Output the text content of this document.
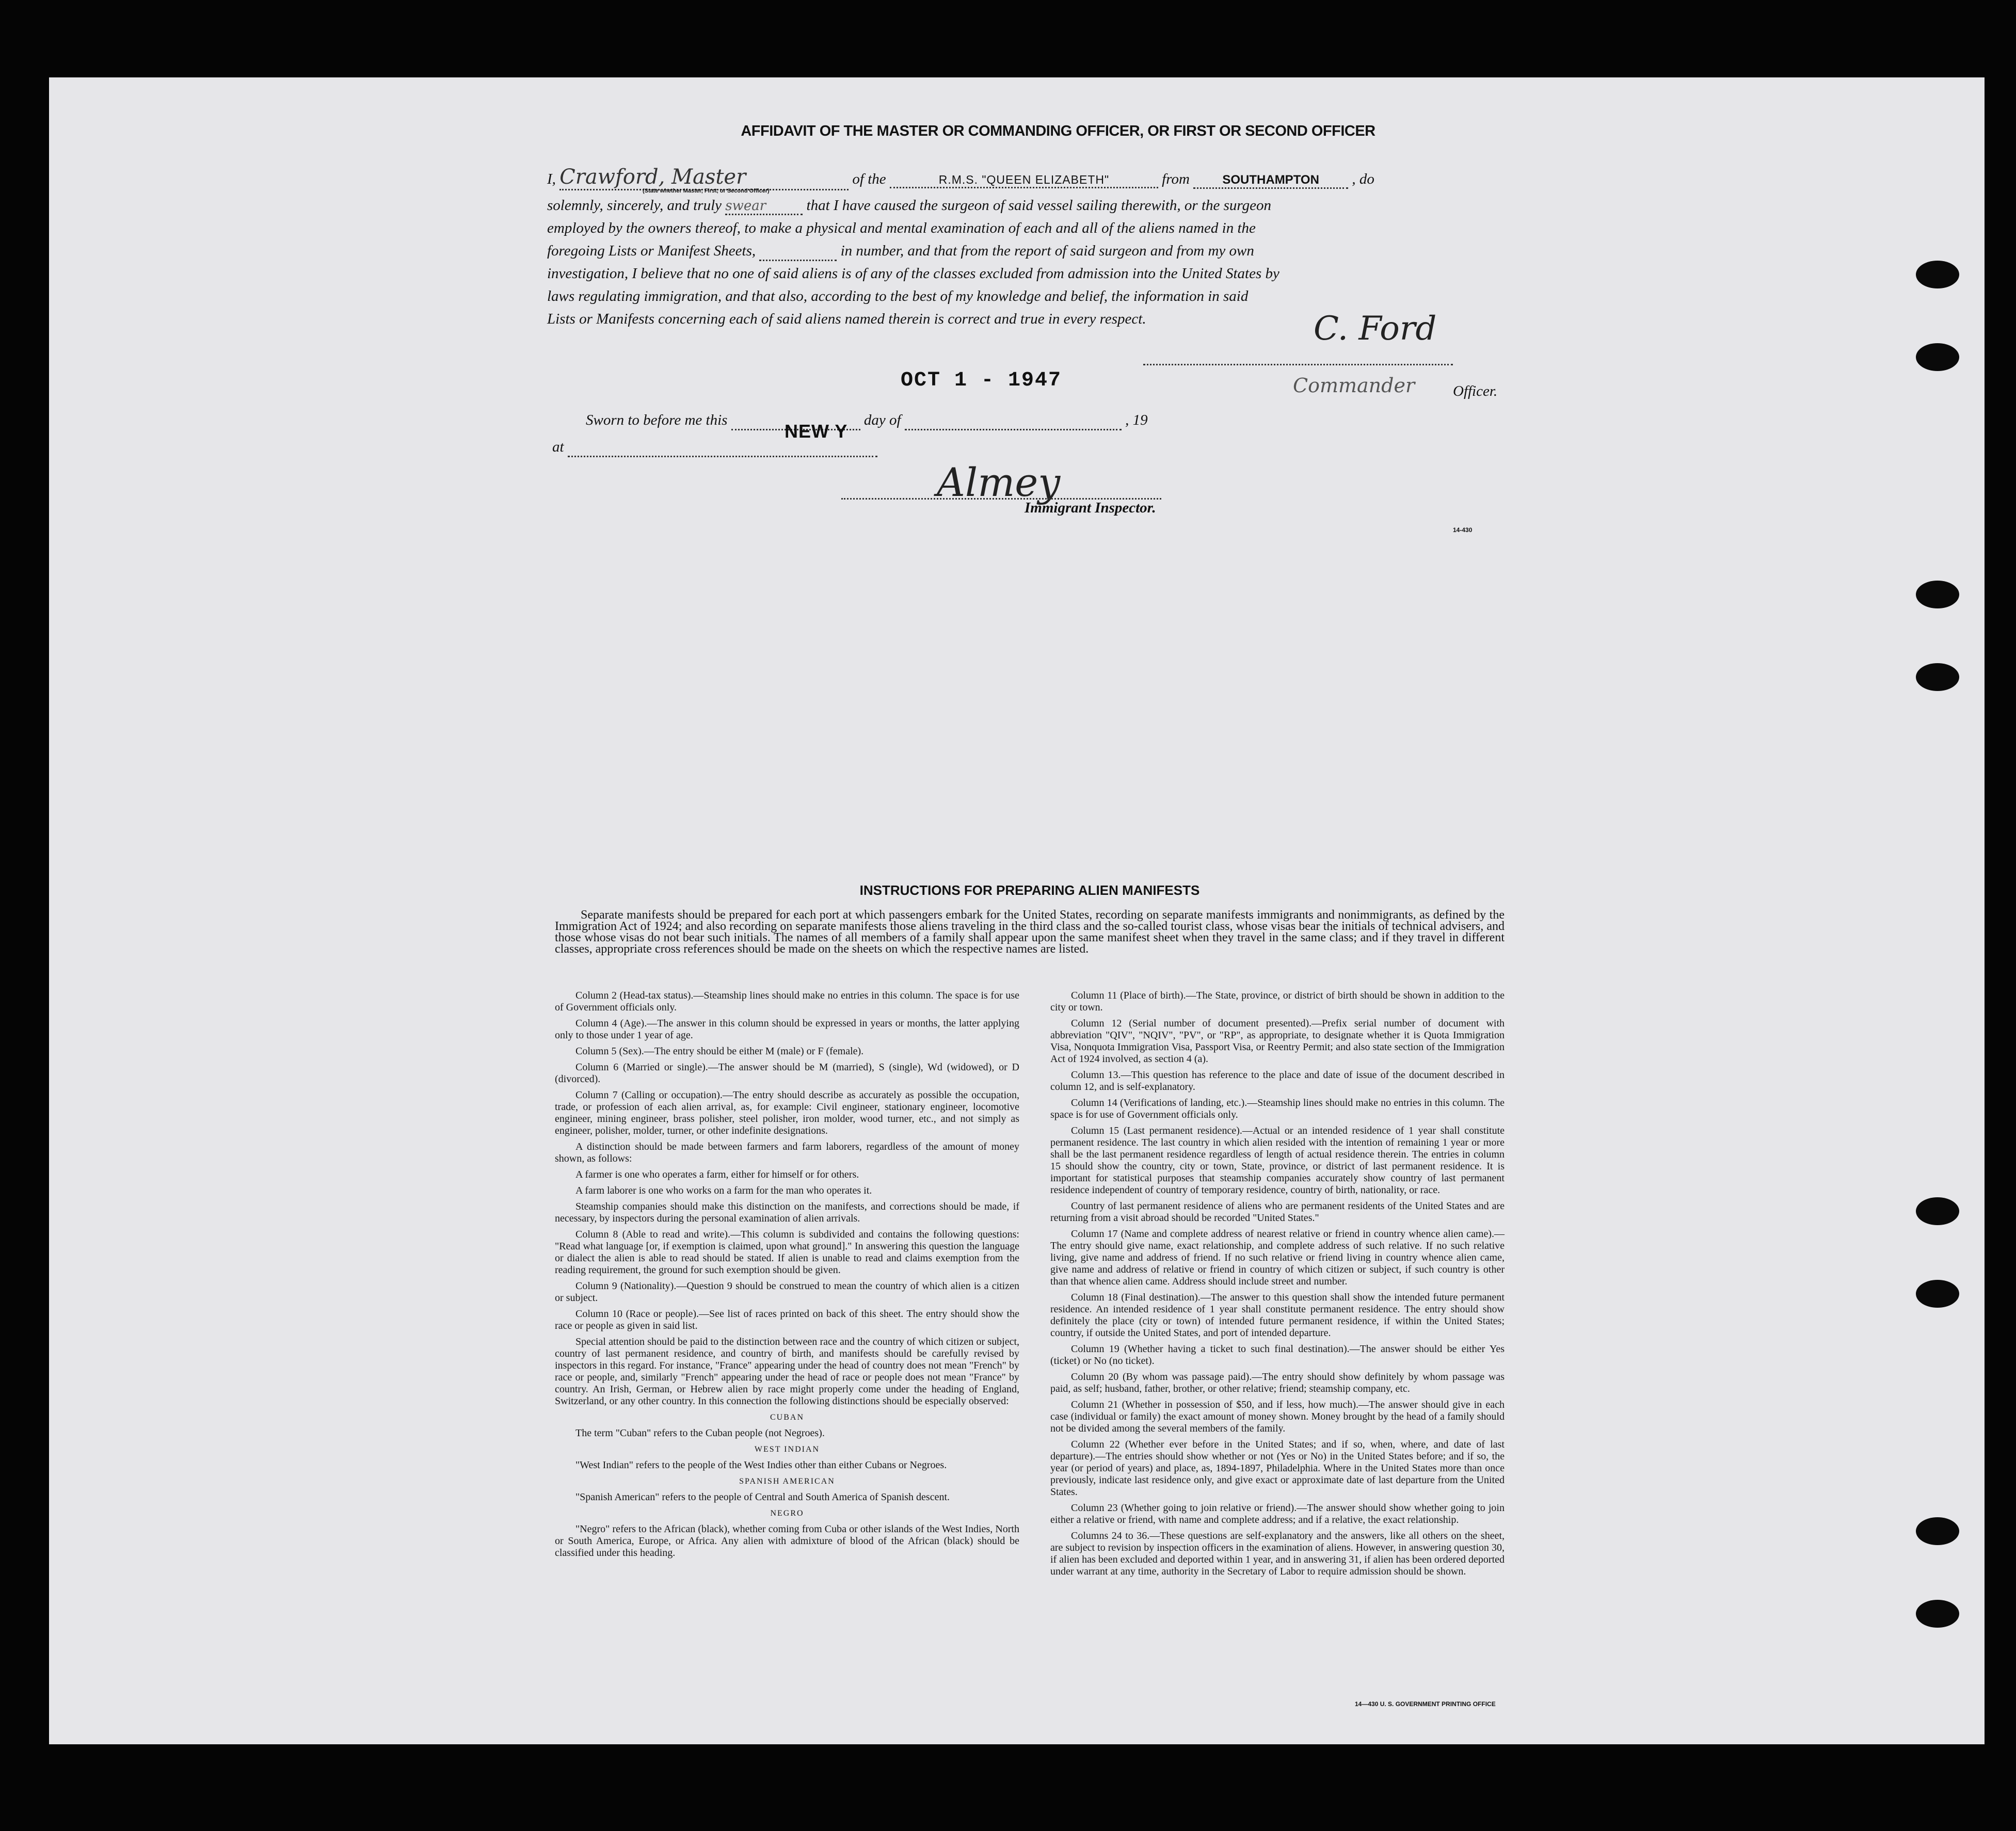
AFFIDAVIT OF THE MASTER OR COMMANDING OFFICER, OR FIRST OR SECOND OFFICER
I, Crawford, Master	of the	R.M.S. "QUEEN ELIZABETH"	from	SOUTHAMPTON , do
(State whether Master, First, or Second Officer)
solemnly, sincerely, and truly swear	that I have caused the surgeon of said vessel sailing therewith, or the surgeon
employed by the owners thereof, to make a physical and mental examination of each and all of the aliens named in the
foregoing Lists or Manifest Sheets,	in number, and that from the report of said surgeon and from my own
investigation, I believe that no one of said aliens is of any of the classes excluded from admission into the United States by
laws regulating immigration, and that also, according to the best of my knowledge and belief, the information in said
Lists or Manifests concerning each of said aliens named therein is correct and true in every respect.	C. Ford
OCT 1 - 1947	Commander	Officer.
Sworn to before me this	day of	, 19
NEW Y
at
Almey
Immigrant Inspector.
14-430
INSTRUCTIONS FOR PREPARING ALIEN MANIFESTS
Separate manifests should be prepared for each port at which passengers embark for the United States, recording on separate manifests immigrants and nonimmigrants, as defined by the Immigration Act of 1924; and also recording on separate manifests those aliens traveling in the third class and the so-called tourist class, whose visas bear the initials of technical advisers, and those whose visas do not bear such initials. The names of all members of a family shall appear upon the same manifest sheet when they travel in the same class; and if they travel in different classes, appropriate cross references should be made on the sheets on which the respective names are listed.

Column 2 (Head-tax status).—Steamship lines should make no entries in this column. The space is for use of Government officials only.

Column 4 (Age).—The answer in this column should be expressed in years or months, the latter applying only to those under 1 year of age.

Column 5 (Sex).—The entry should be either M (male) or F (female).

Column 6 (Married or single).—The answer should be M (married), S (single), Wd (widowed), or D (divorced).

Column 7 (Calling or occupation).—The entry should describe as accurately as possible the occupation, trade, or profession of each alien arrival, as, for example: Civil engineer, stationary engineer, locomotive engineer, mining engineer, brass polisher, steel polisher, iron molder, wood turner, etc., and not simply as engineer, polisher, molder, turner, or other indefinite designations.

A distinction should be made between farmers and farm laborers, regardless of the amount of money shown, as follows:

A farmer is one who operates a farm, either for himself or for others.

A farm laborer is one who works on a farm for the man who operates it.

Steamship companies should make this distinction on the manifests, and corrections should be made, if necessary, by inspectors during the personal examination of alien arrivals.

Column 8 (Able to read and write).—This column is subdivided and contains the following questions: "Read what language [or, if exemption is claimed, upon what ground]." In answering this question the language or dialect the alien is able to read should be stated. If alien is unable to read and claims exemption from the reading requirement, the ground for such exemption should be given.

Column 9 (Nationality).—Question 9 should be construed to mean the country of which alien is a citizen or subject.

Column 10 (Race or people).—See list of races printed on back of this sheet. The entry should show the race or people as given in said list.

Special attention should be paid to the distinction between race and the country of which citizen or subject, country of last permanent residence, and country of birth, and manifests should be carefully revised by inspectors in this regard. For instance, "France" appearing under the head of country does not mean "French" by race or people, and, similarly "French" appearing under the head of race or people does not mean "France" by country. An Irish, German, or Hebrew alien by race might properly come under the heading of England, Switzerland, or any other country. In this connection the following distinctions should be especially observed:

CUBAN

The term "Cuban" refers to the Cuban people (not Negroes).

WEST INDIAN

"West Indian" refers to the people of the West Indies other than either Cubans or Negroes.

SPANISH AMERICAN

"Spanish American" refers to the people of Central and South America of Spanish descent.

NEGRO

"Negro" refers to the African (black), whether coming from Cuba or other islands of the West Indies, North or South America, Europe, or Africa. Any alien with admixture of blood of the African (black) should be classified under this heading.

Column 11 (Place of birth).—The State, province, or district of birth should be shown in addition to the city or town.

Column 12 (Serial number of document presented).—Prefix serial number of document with abbreviation "QIV", "NQIV", "PV", or "RP", as appropriate, to designate whether it is Quota Immigration Visa, Nonquota Immigration Visa, Passport Visa, or Reentry Permit; and also state section of the Immigration Act of 1924 involved, as section 4 (a).

Column 13.—This question has reference to the place and date of issue of the document described in column 12, and is self-explanatory.

Column 14 (Verifications of landing, etc.).—Steamship lines should make no entries in this column. The space is for use of Government officials only.

Column 15 (Last permanent residence).—Actual or an intended residence of 1 year shall constitute permanent residence. The last country in which alien resided with the intention of remaining 1 year or more shall be the last permanent residence regardless of length of actual residence therein. The entries in column 15 should show the country, city or town, State, province, or district of last permanent residence. It is important for statistical purposes that steamship companies accurately show country of last permanent residence independent of country of temporary residence, country of birth, nationality, or race.

Country of last permanent residence of aliens who are permanent residents of the United States and are returning from a visit abroad should be recorded "United States."

Column 17 (Name and complete address of nearest relative or friend in country whence alien came).—The entry should give name, exact relationship, and complete address of such relative. If no such relative living, give name and address of friend. If no such relative or friend living in country whence alien came, give name and address of relative or friend in country of which citizen or subject, if such country is other than that whence alien came. Address should include street and number.

Column 18 (Final destination).—The answer to this question shall show the intended future permanent residence. An intended residence of 1 year shall constitute permanent residence. The entry should show definitely the place (city or town) of intended future permanent residence, if within the United States; country, if outside the United States, and port of intended departure.

Column 19 (Whether having a ticket to such final destination).—The answer should be either Yes (ticket) or No (no ticket).

Column 20 (By whom was passage paid).—The entry should show definitely by whom passage was paid, as self; husband, father, brother, or other relative; friend; steamship company, etc.

Column 21 (Whether in possession of $50, and if less, how much).—The answer should give in each case (individual or family) the exact amount of money shown. Money brought by the head of a family should not be divided among the several members of the family.

Column 22 (Whether ever before in the United States; and if so, when, where, and date of last departure).—The entries should show whether or not (Yes or No) in the United States before; and if so, the year (or period of years) and place, as, 1894-1897, Philadelphia. Where in the United States more than once previously, indicate last residence only, and give exact or approximate date of last departure from the United States.

Column 23 (Whether going to join relative or friend).—The answer should show whether going to join either a relative or friend, with name and complete address; and if a relative, the exact relationship.

Columns 24 to 36.—These questions are self-explanatory and the answers, like all others on the sheet, are subject to revision by inspection officers in the examination of aliens. However, in answering question 30, if alien has been excluded and deported within 1 year, and in answering 31, if alien has been ordered deported under warrant at any time, authority in the Secretary of Labor to require admission should be shown.

14—430 U. S. GOVERNMENT PRINTING OFFICE
